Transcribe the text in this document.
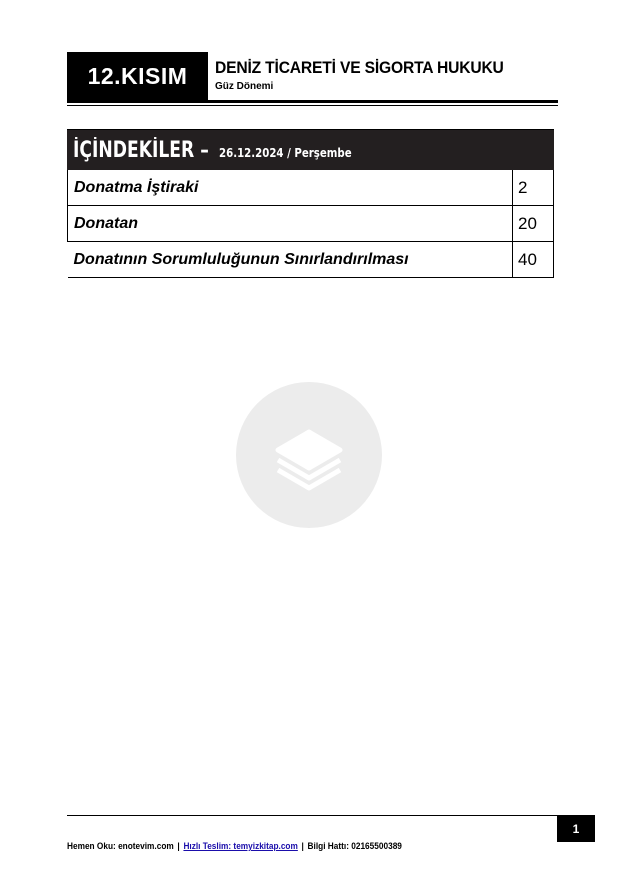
12.KISIM	DENİZ TİCARETİ VE SİGORTA HUKUKU
Güz Dönemi
İÇİNDEKİLER – 26.12.2024 / Perşembe
Donatma İştiraki	2
Donatan	20
Donatının Sorumluluğunun Sınırlandırılması	40
1
Hemen Oku: enotevim.com | Hızlı Teslim: temyizkitap.com | Bilgi Hattı: 02165500389
